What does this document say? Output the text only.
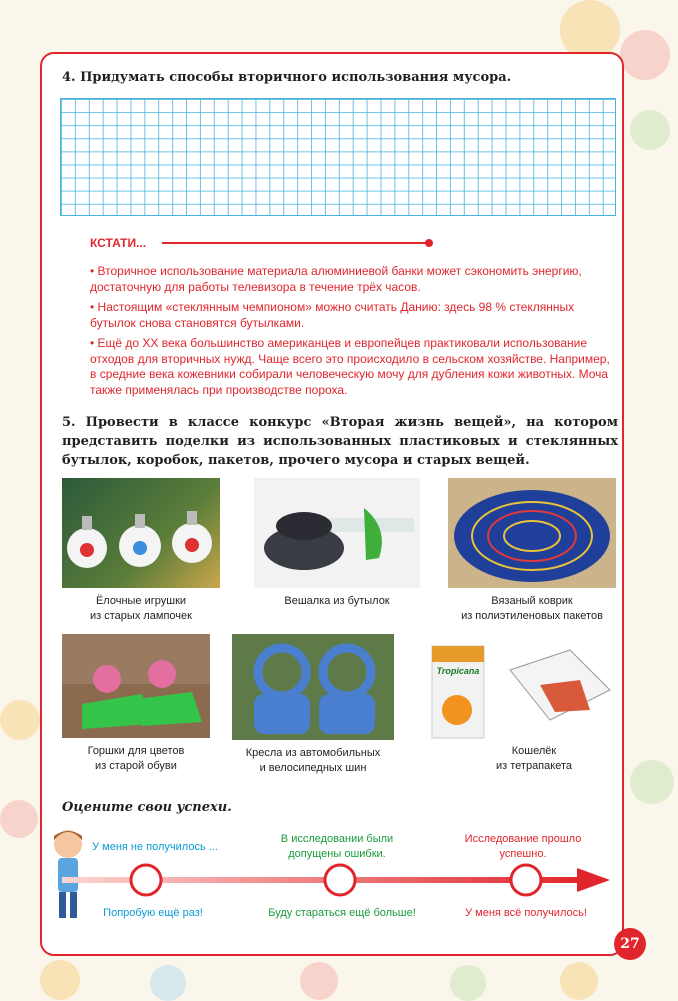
4. Придумать способы вторичного использования мусора.
КСТАТИ...

• Вторичное использование материала алюминиевой банки может сэкономить энергию, достаточную для работы телевизора в течение трёх часов.

• Настоящим «стеклянным чемпионом» можно считать Данию: здесь 98 % стеклянных бутылок снова становятся бутылками.

• Ещё до XX века большинство американцев и европейцев практиковали использование отходов для вторичных нужд. Чаще всего это происходило в сельском хозяйстве. Например, в средние века кожевники собирали человеческую мочу для дубления кожи животных. Моча также применялась при производстве пороха.

5. Провести в классе конкурс «Вторая жизнь вещей», на котором представить поделки из использованных пластиковых и стеклянных бутылок, коробок, пакетов, прочего мусора и старых вещей.
Ёлочные игрушки
из старых лампочек
Вешалка из бутылок	Вязаный коврик
из полиэтиленовых пакетов
Горшки для цветов
из старой обуви
Кресла из автомобильных
и велосипедных шин
Tropicana
Кошелёк
из тетрапакета
Оцените свои успехи.
У меня не получилось ...
В исследовании были
допущены ошибки.
Исследование прошло
успешно.
Попробую ещё раз!	Буду стараться ещё больше!	У меня всё получилось!
27
